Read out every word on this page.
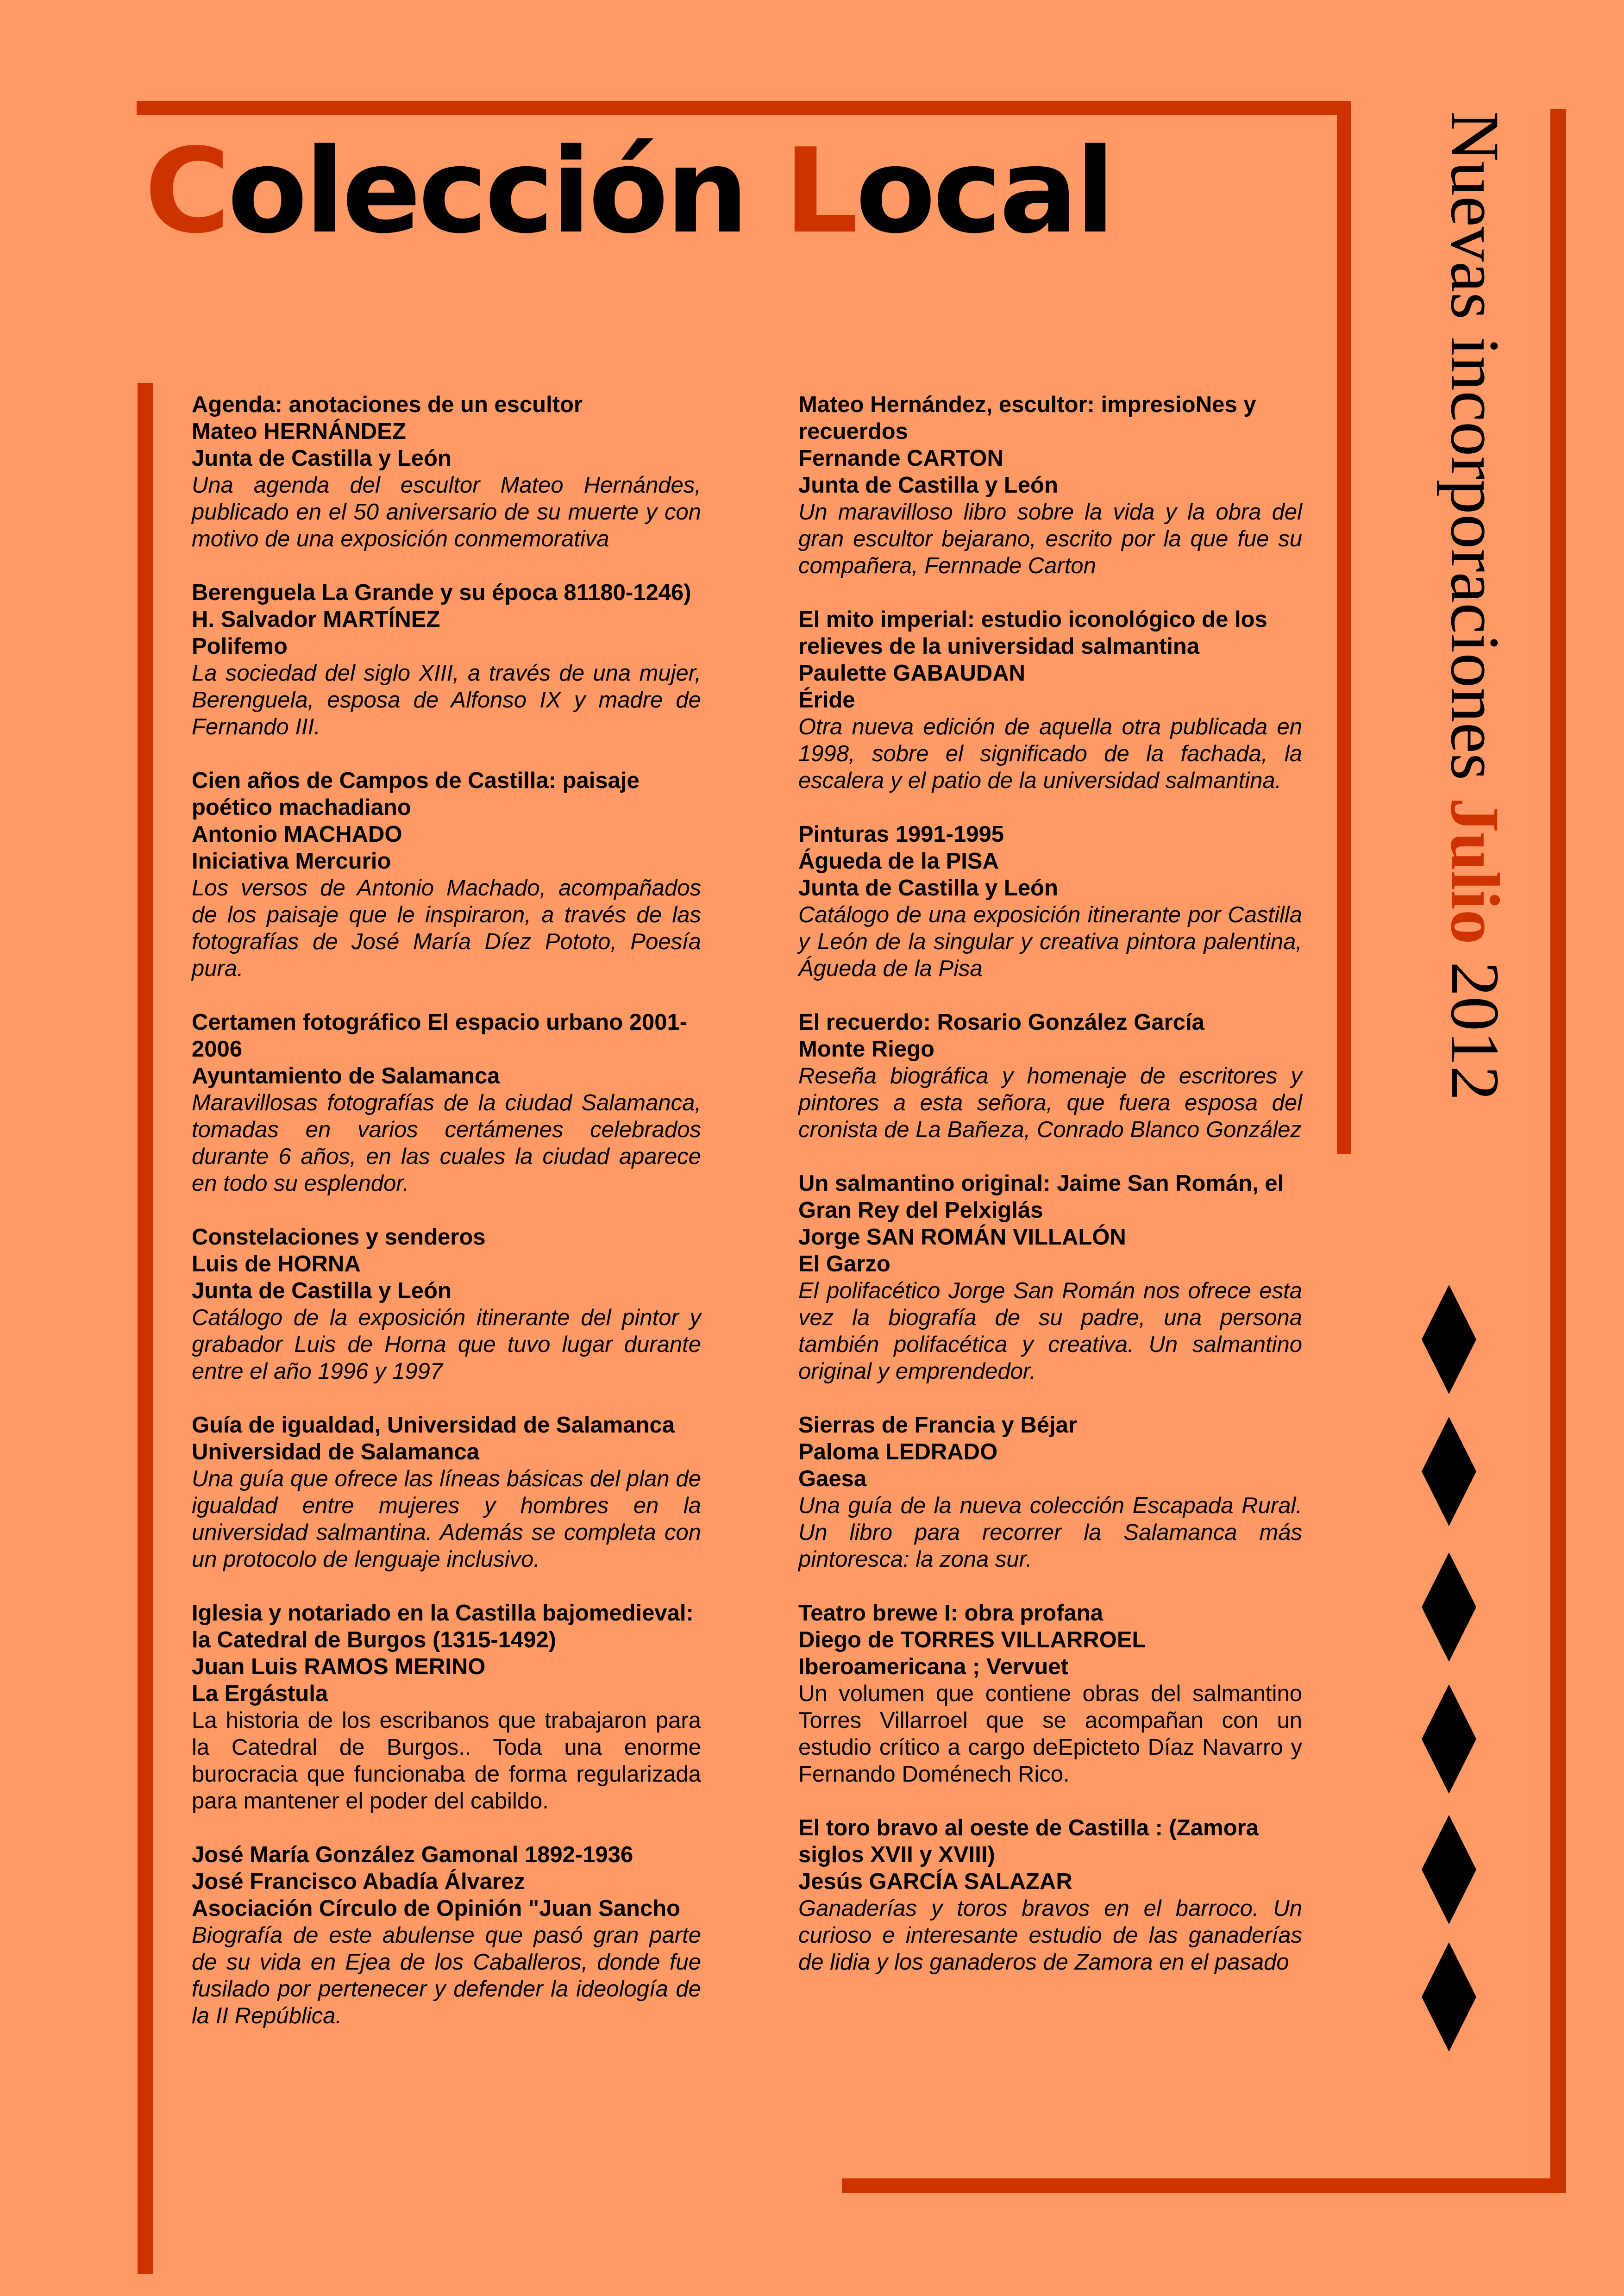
Colección Local	Nuevas incorporaciones Julio 2012
Agenda: anotaciones de un escultor
Mateo HERNÁNDEZ
Junta de Castilla y León
Una agenda del escultor Mateo Hernándes, publicado en el 50 aniversario de su muerte y con motivo de una exposición conmemorativa
Berenguela La Grande y su época 81180-1246)
H. Salvador MARTÍNEZ
Polifemo
La sociedad del siglo XIII, a través de una mujer, Berenguela, esposa de Alfonso IX y madre de Fernando III.
Cien años de Campos de Castilla: paisaje poético machadiano
Antonio MACHADO
Iniciativa Mercurio
Los versos de Antonio Machado, acompañados de los paisaje que le inspiraron, a través de las fotografías de José María Díez Pototo, Poesía pura.
Certamen fotográfico El espacio urbano 2001-2006
Ayuntamiento de Salamanca
Maravillosas fotografías de la ciudad Salamanca, tomadas en varios certámenes celebrados durante 6 años, en las cuales la ciudad aparece en todo su esplendor.
Constelaciones y senderos
Luis de HORNA
Junta de Castilla y León
Catálogo de la exposición itinerante del pintor y grabador Luis de Horna que tuvo lugar durante entre el año 1996 y 1997
Guía de igualdad, Universidad de Salamanca
Universidad de Salamanca
Una guía que ofrece las líneas básicas del plan de igualdad entre mujeres y hombres en la universidad salmantina. Además se completa con un protocolo de lenguaje inclusivo.
Iglesia y notariado en la Castilla bajomedieval: la Catedral de Burgos (1315-1492)
Juan Luis RAMOS MERINO
La Ergástula
La historia de los escribanos que trabajaron para la Catedral de Burgos.. Toda una enorme burocracia que funcionaba de forma regularizada para mantener el poder del cabildo.
José María González Gamonal 1892-1936
José Francisco Abadía Álvarez
Asociación Círculo de Opinión "Juan Sancho
Biografía de este abulense que pasó gran parte de su vida en Ejea de los Caballeros, donde fue fusilado por pertenecer y defender la ideología de la II República.
Mateo Hernández, escultor: impresioNes y recuerdos
Fernande CARTON
Junta de Castilla y León
Un maravilloso libro sobre la vida y la obra del gran escultor bejarano, escrito por la que fue su compañera, Fernnade Carton
El mito imperial: estudio iconológico de los relieves de la universidad salmantina
Paulette GABAUDAN
Éride
Otra nueva edición de aquella otra publicada en 1998, sobre el significado de la fachada, la escalera y el patio de la universidad salmantina.
Pinturas 1991-1995
Águeda de la PISA
Junta de Castilla y León
Catálogo de una exposición itinerante por Castilla y León de la singular y creativa pintora palentina, Águeda de la Pisa
El recuerdo: Rosario González García
Monte Riego
Reseña biográfica y homenaje de escritores y pintores a esta señora, que fuera esposa del cronista de La Bañeza, Conrado Blanco González
Un salmantino original: Jaime San Román, el Gran Rey del Pelxiglás
Jorge SAN ROMÁN VILLALÓN
El Garzo
El polifacético Jorge San Román nos ofrece esta vez la biografía de su padre, una persona también polifacética y creativa. Un salmantino original y emprendedor.
Sierras de Francia y Béjar
Paloma LEDRADO
Gaesa
Una guía de la nueva colección Escapada Rural. Un libro para recorrer la Salamanca más pintoresca: la zona sur.
Teatro brewe I: obra profana
Diego de TORRES VILLARROEL
Iberoamericana ; Vervuet
Un volumen que contiene obras del salmantino Torres Villarroel que se acompañan con un estudio crítico a cargo deEpicteto Díaz Navarro y Fernando Doménech Rico.
El toro bravo al oeste de Castilla : (Zamora siglos XVII y XVIII)
Jesús GARCÍA SALAZAR
Ganaderías y toros bravos en el barroco. Un curioso e interesante estudio de las ganaderías de lidia y los ganaderos de Zamora en el pasado
